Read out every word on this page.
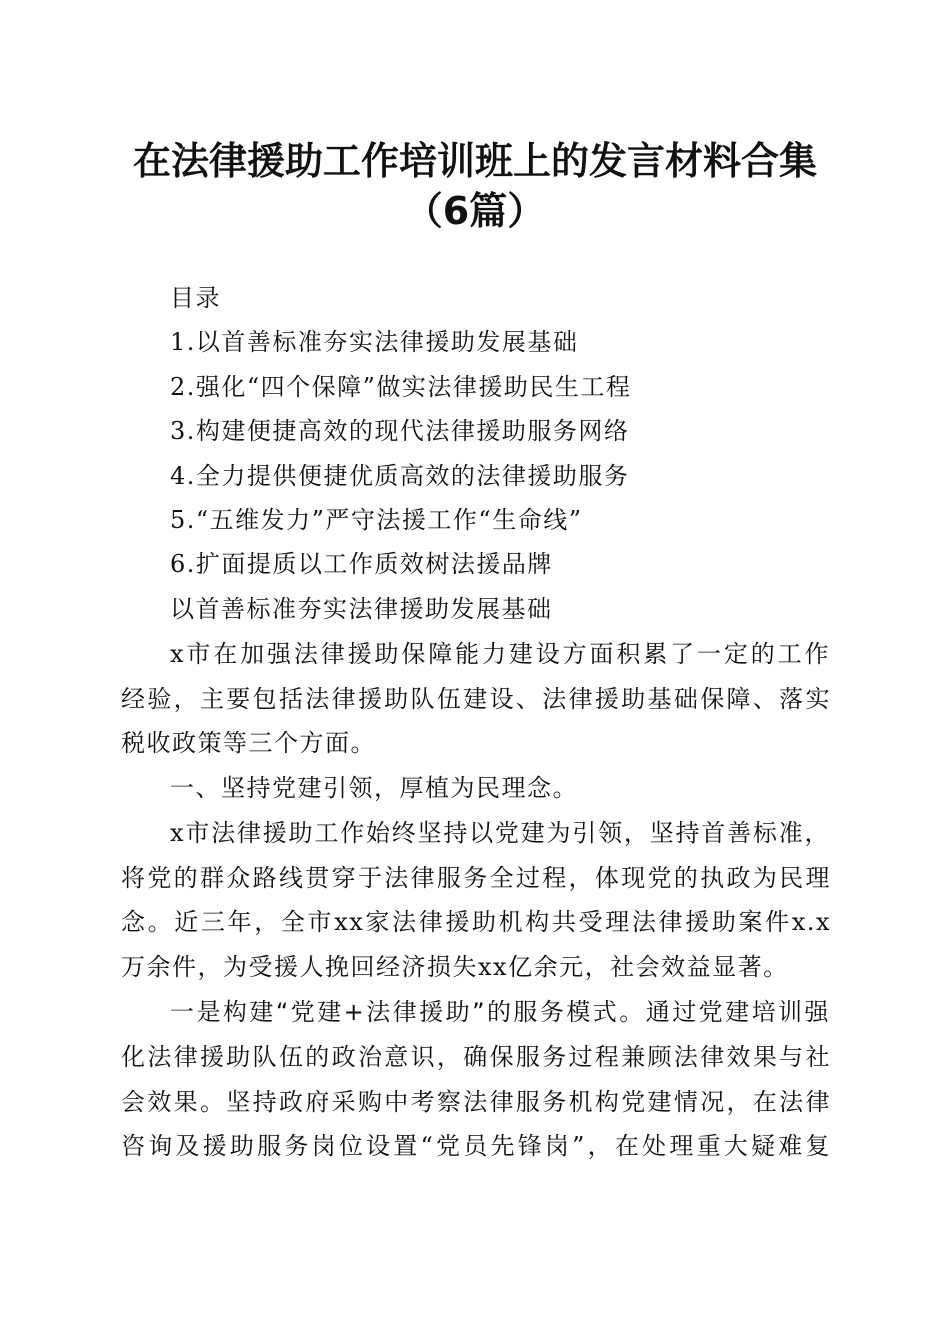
在法律援助工作培训班上的发言材料合集（6篇）
目录
1.以首善标准夯实法律援助发展基础
2.强化“四个保障”做实法律援助民生工程
3.构建便捷高效的现代法律援助服务网络
4.全力提供便捷优质高效的法律援助服务
5.“五维发力”严守法援工作“生命线”
6.扩面提质以工作质效树法援品牌
以首善标准夯实法律援助发展基础
x市在加强法律援助保障能力建设方面积累了一定的工作
经验，主要包括法律援助队伍建设、法律援助基础保障、落实
税收政策等三个方面。
一、坚持党建引领，厚植为民理念。
x市法律援助工作始终坚持以党建为引领，坚持首善标准，
将党的群众路线贯穿于法律服务全过程，体现党的执政为民理
念。近三年，全市xx家法律援助机构共受理法律援助案件x.x
万余件，为受援人挽回经济损失xx亿余元，社会效益显著。
一是构建“党建+法律援助”的服务模式。通过党建培训强
化法律援助队伍的政治意识，确保服务过程兼顾法律效果与社
会效果。坚持政府采购中考察法律服务机构党建情况，在法律
咨询及援助服务岗位设置“党员先锋岗”，在处理重大疑难复
